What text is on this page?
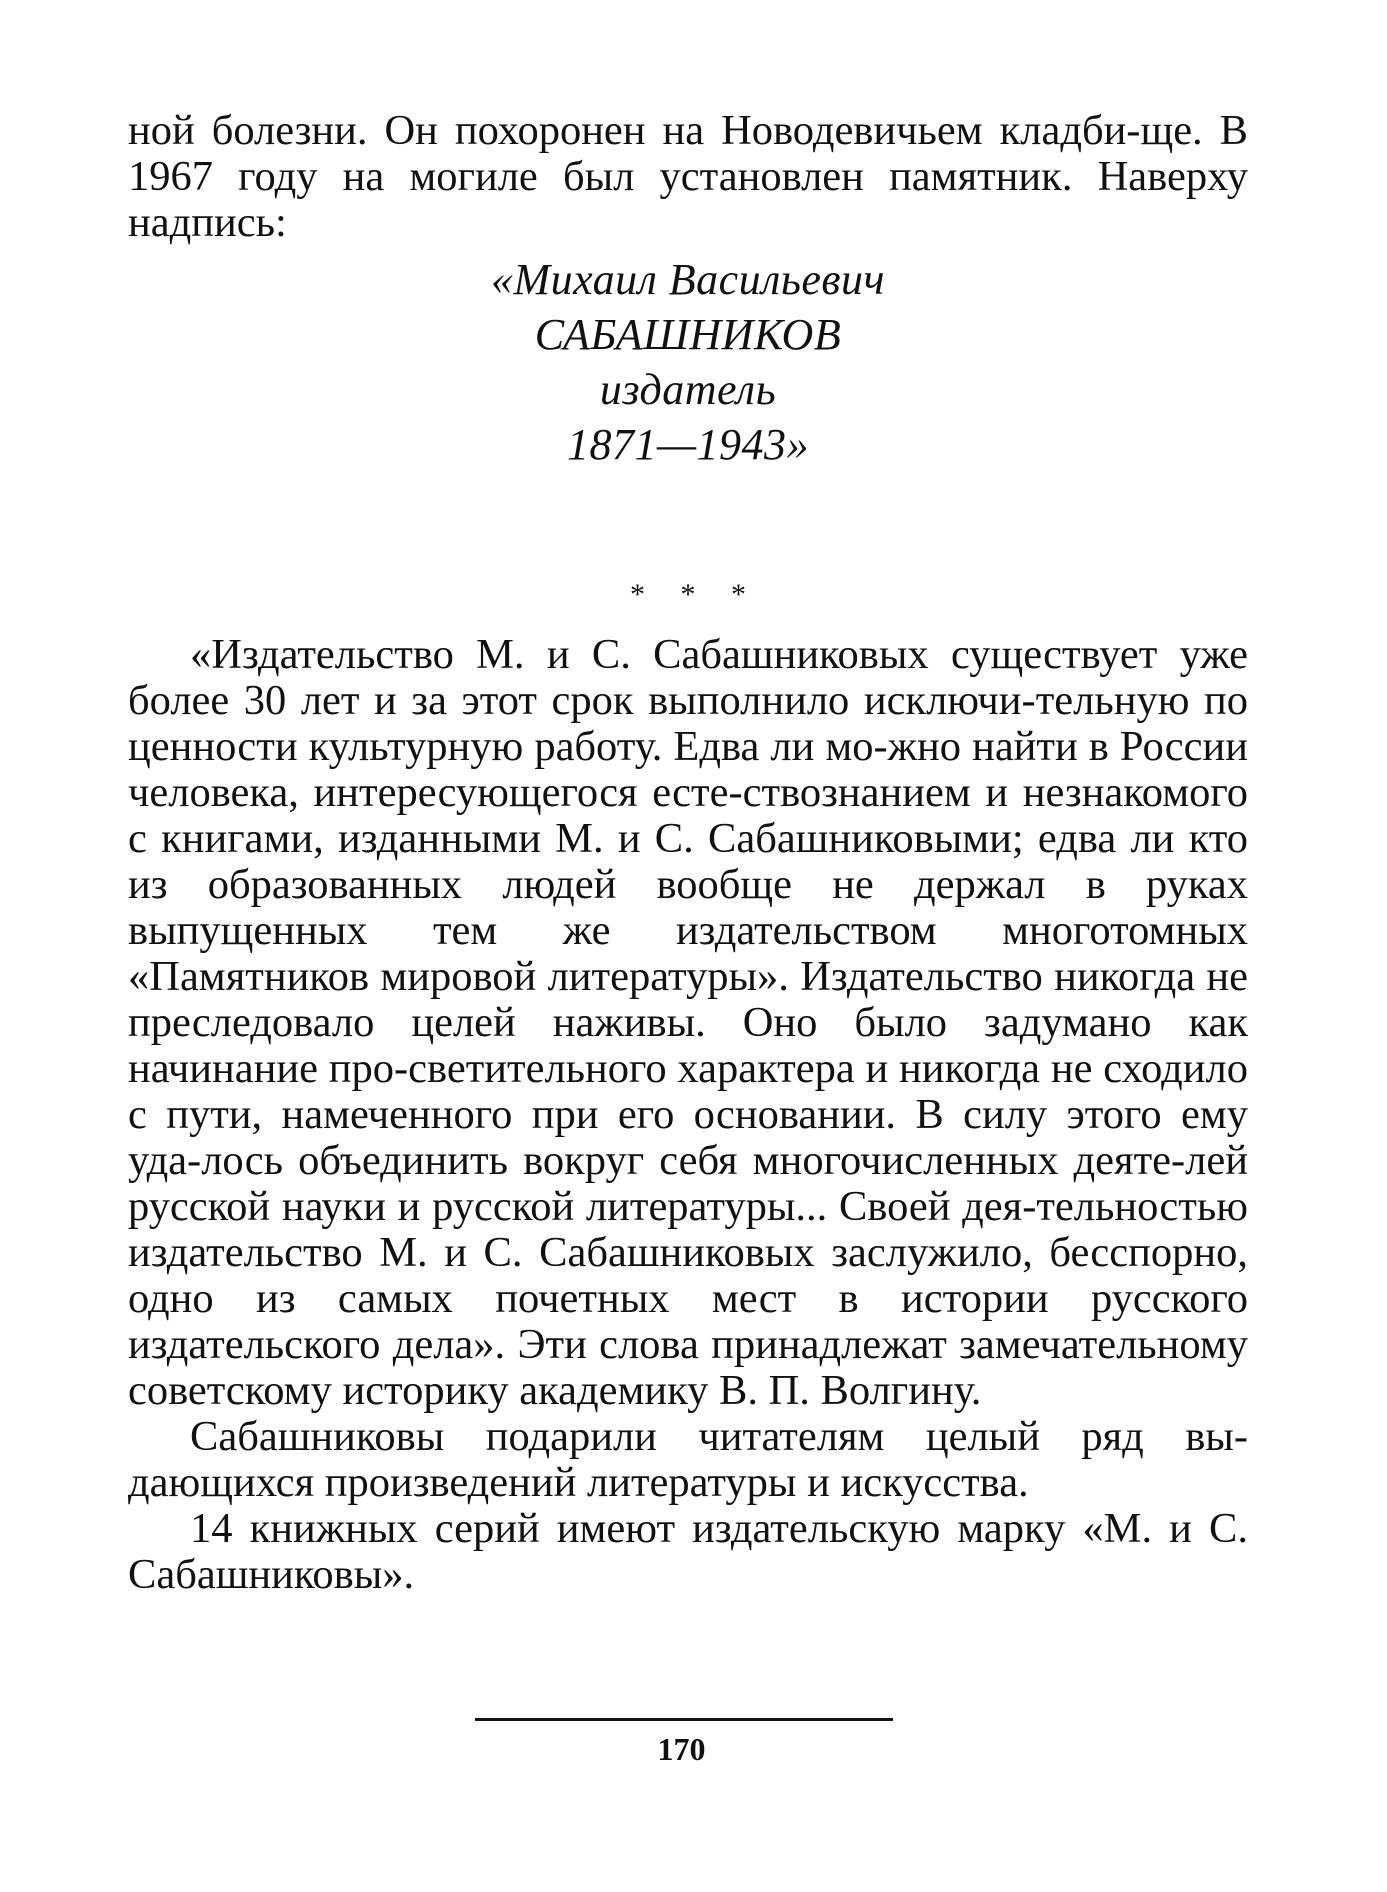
ной болезни. Он похоронен на Новодевичьем кладби-ще. В 1967 году на могиле был установлен памятник. Наверху надпись:

«Михаил Васильевич
САБАШНИКОВ
издатель
1871—1943»
* * *

«Издательство М. и С. Сабашниковых существует уже более 30 лет и за этот срок выполнило исключи-тельную по ценности культурную работу. Едва ли мо-жно найти в России человека, интересующегося есте-ствознанием и незнакомого с книгами, изданными М. и С. Сабашниковыми; едва ли кто из образованных людей вообще не держал в руках выпущенных тем же издательством многотомных «Памятников мировой литературы». Издательство никогда не преследовало целей наживы. Оно было задумано как начинание про-светительного характера и никогда не сходило с пути, намеченного при его основании. В силу этого ему уда-лось объединить вокруг себя многочисленных деяте-лей русской науки и русской литературы... Своей дея-тельностью издательство М. и С. Сабашниковых заслужило, бесспорно, одно из самых почетных мест в истории русского издательского дела». Эти слова принадлежат замечательному советскому историку академику В. П. Волгину.

Сабашниковы подарили читателям целый ряд вы-дающихся произведений литературы и искусства.

14 книжных серий имеют издательскую марку «М. и С. Сабашниковы».

170
